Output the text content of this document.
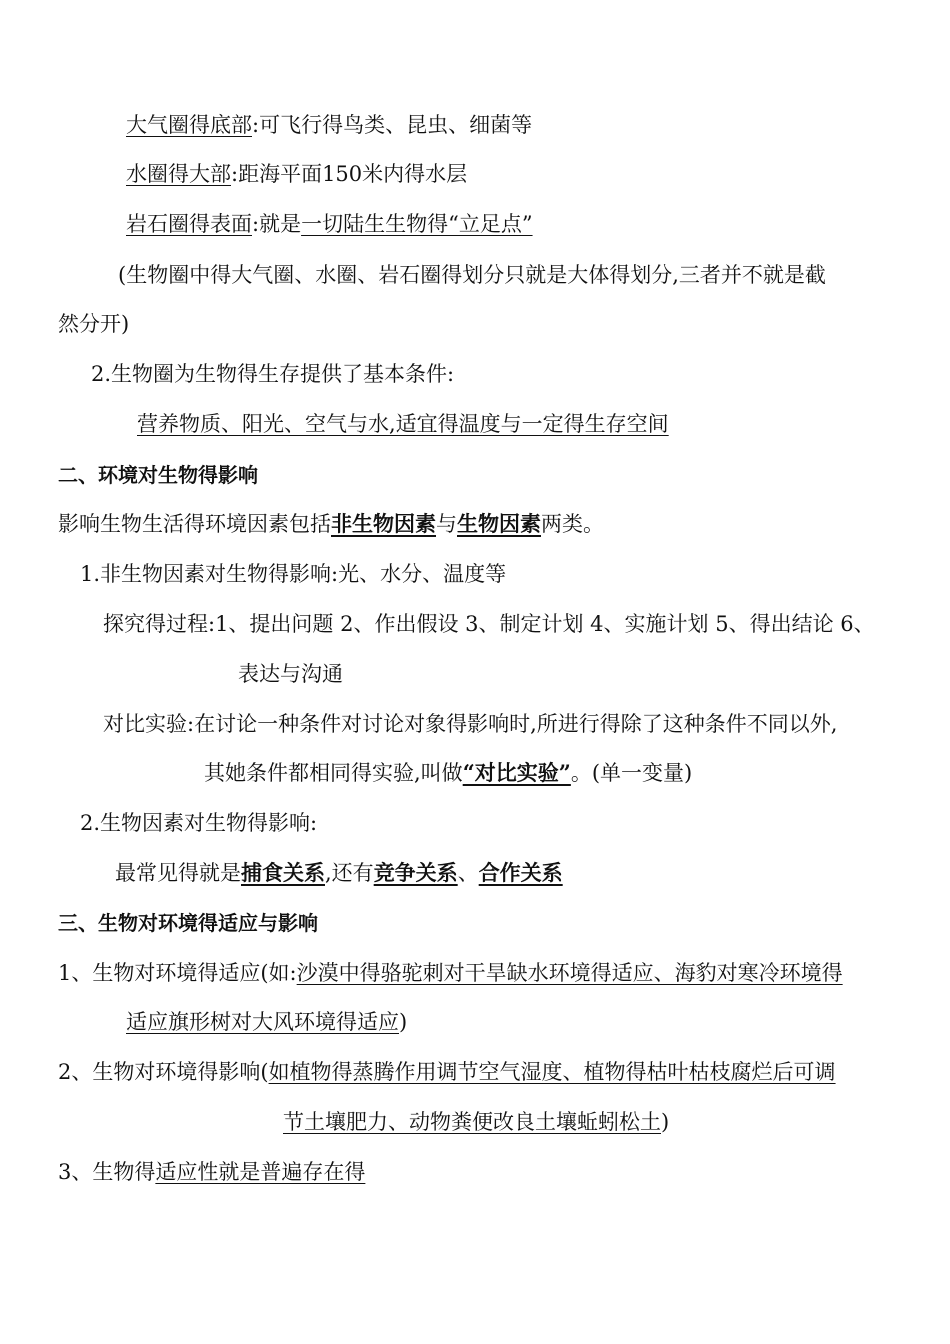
大气圈得底部:可飞行得鸟类、昆虫、细菌等
水圈得大部:距海平面150米内得水层
岩石圈得表面:就是一切陆生生物得“立足点”
(生物圈中得大气圈、水圈、岩石圈得划分只就是大体得划分,三者并不就是截
然分开)
2.生物圈为生物得生存提供了基本条件:
营养物质、阳光、空气与水,适宜得温度与一定得生存空间
二、环境对生物得影响
影响生物生活得环境因素包括非生物因素与生物因素两类。
1.非生物因素对生物得影响:光、水分、温度等
探究得过程:1、提出问题 2、作出假设 3、制定计划 4、实施计划 5、得出结论 6、
表达与沟通
对比实验:在讨论一种条件对讨论对象得影响时,所进行得除了这种条件不同以外,
其她条件都相同得实验,叫做“对比实验”。(单一变量)
2.生物因素对生物得影响:
最常见得就是捕食关系,还有竞争关系、合作关系
三、生物对环境得适应与影响
1、生物对环境得适应(如:沙漠中得骆驼刺对干旱缺水环境得适应、海豹对寒冷环境得
适应旗形树对大风环境得适应)
2、生物对环境得影响(如植物得蒸腾作用调节空气湿度、植物得枯叶枯枝腐烂后可调
节土壤肥力、动物粪便改良土壤蚯蚓松土)
3、生物得适应性就是普遍存在得
